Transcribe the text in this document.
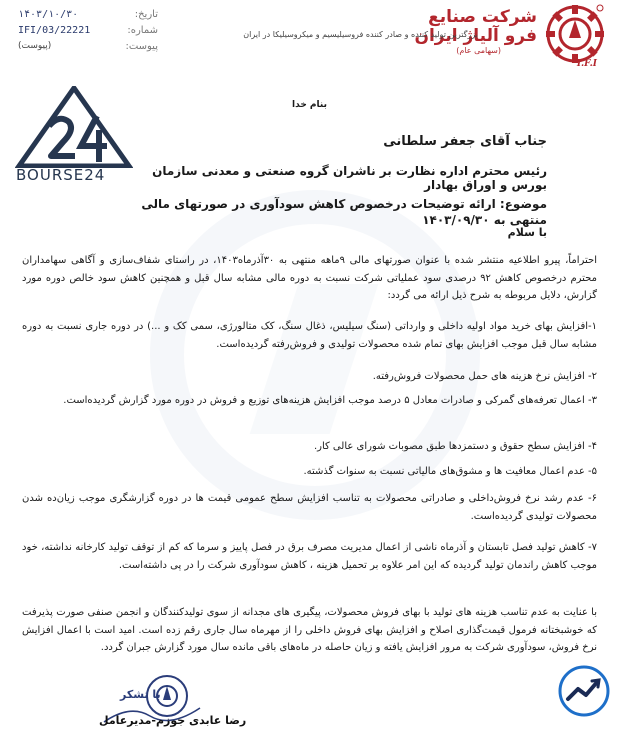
I.F.I
شرکت صنایع
فرو آلیاژ ایران
(سهامی عام)
بزرگترین تولید کننده و صادر کننده فروسیلیسیم و میکروسیلیکا در ایران
۱۴۰۳/۱۰/۳۰	تاریخ:
IFI/03/22221	شماره:
(پیوست)	پیوست:
BOURSE24
بنام خدا
جناب آقای جعفر سلطانی
رئیس محترم اداره نظارت بر ناشران گروه صنعتی و معدنی سازمان بورس و اوراق بهادار
موضوع: ارائه توضیحات درخصوص کاهش سودآوری در صورتهای مالی منتهی به ۱۴۰۳/۰۹/۳۰
با سلام
احتراماً، پیرو اطلاعیه منتشر شده با عنوان صورتهای مالی ۹ماهه منتهی به ۳۰آذرماه۱۴۰۳، در راستای شفاف‌سازی و آگاهی سهامداران محترم درخصوص کاهش ۹۲ درصدی سود عملیاتی شرکت نسبت به دوره مالی مشابه سال قبل و همچنین کاهش سود خالص دوره مورد گزارش، دلایل مربوطه به شرح ذیل ارائه می گردد:
۱-افزایش بهای خرید مواد اولیه داخلی و وارداتی (سنگ سیلیس، ذغال سنگ، کک متالورژی، سمی کک و ...) در دوره جاری نسبت به دوره مشابه سال قبل موجب افزایش بهای تمام شده محصولات تولیدی و فروش‌رفته گردیده‌است.
۲- افزایش نرخ هزینه های حمل محصولات فروش‌رفته.
۳- اعمال تعرفه‌های گمرکی و صادرات معادل ۵ درصد موجب افزایش هزینه‌های توزیع و فروش در دوره مورد گزارش گردیده‌است.
۴- افزایش سطح حقوق و دستمزدها طبق مصوبات شورای عالی کار.
۵- عدم اعمال معافیت ها و مشوق‌های مالیاتی نسبت به سنوات گذشته.
۶- عدم رشد نرخ فروش‌داخلی و صادراتی محصولات به تناسب افزایش سطح عمومی قیمت ها در دوره گزارشگری موجب زیان‌ده شدن محصولات تولیدی گردیده‌است.
۷- کاهش تولید فصل تابستان و آذرماه ناشی از اعمال مدیریت مصرف برق در فصل پاییز و سرما که کم از توقف تولید کارخانه نداشته، خود موجب کاهش راندمان تولید گردیده که این امر علاوه بر تحمیل هزینه ، کاهش سودآوری شرکت را در پی داشته‌است.
با عنایت به عدم تناسب هزینه های تولید با بهای فروش محصولات، پیگیری های مجدانه از سوی تولیدکنندگان و انجمن صنفی صورت پذیرفت که خوشبختانه فرمول قیمت‌گذاری اصلاح و افزایش بهای فروش داخلی را از مهرماه سال جاری رقم زده است. امید است با اعمال افزایش نرخ فروش، سودآوری شرکت به مرور افزایش یافته و زیان حاصله در ماه‌های باقی مانده سال مورد گزارش جبران گردد.
با تشکر
رضا عابدی جوزم-مدیرعامل
